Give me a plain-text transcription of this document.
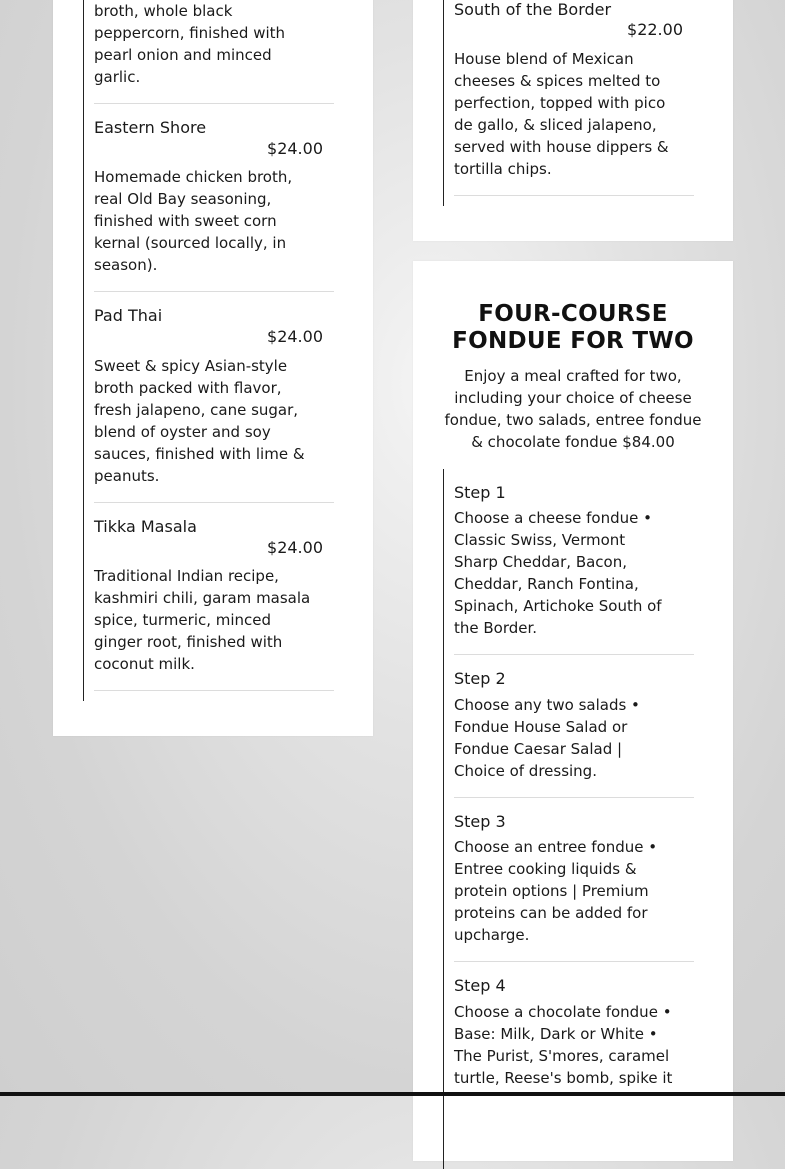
broth, whole black peppercorn, finished with pearl onion and minced garlic.
Eastern Shore
$24.00
Homemade chicken broth, real Old Bay seasoning, finished with sweet corn kernal (sourced locally, in season).
Pad Thai
$24.00
Sweet & spicy Asian-style broth packed with flavor, fresh jalapeno, cane sugar, blend of oyster and soy sauces, finished with lime & peanuts.
Tikka Masala
$24.00
Traditional Indian recipe, kashmiri chili, garam masala spice, turmeric, minced ginger root, finished with coconut milk.
South of the Border
$22.00
House blend of Mexican cheeses & spices melted to perfection, topped with pico de gallo, & sliced jalapeno, served with house dippers & tortilla chips.
FOUR-COURSE
FONDUE FOR TWO
Enjoy a meal crafted for two, including your choice of cheese fondue, two salads, entree fondue & chocolate fondue $84.00
Step 1
Choose a cheese fondue • Classic Swiss, Vermont Sharp Cheddar, Bacon, Cheddar, Ranch Fontina, Spinach, Artichoke South of the Border.
Step 2
Choose any two salads • Fondue House Salad or Fondue Caesar Salad | Choice of dressing.
Step 3
Choose an entree fondue • Entree cooking liquids & protein options | Premium proteins can be added for upcharge.
Step 4
Choose a chocolate fondue • Base: Milk, Dark or White • The Purist, S'mores, caramel turtle, Reese's bomb, spike it
